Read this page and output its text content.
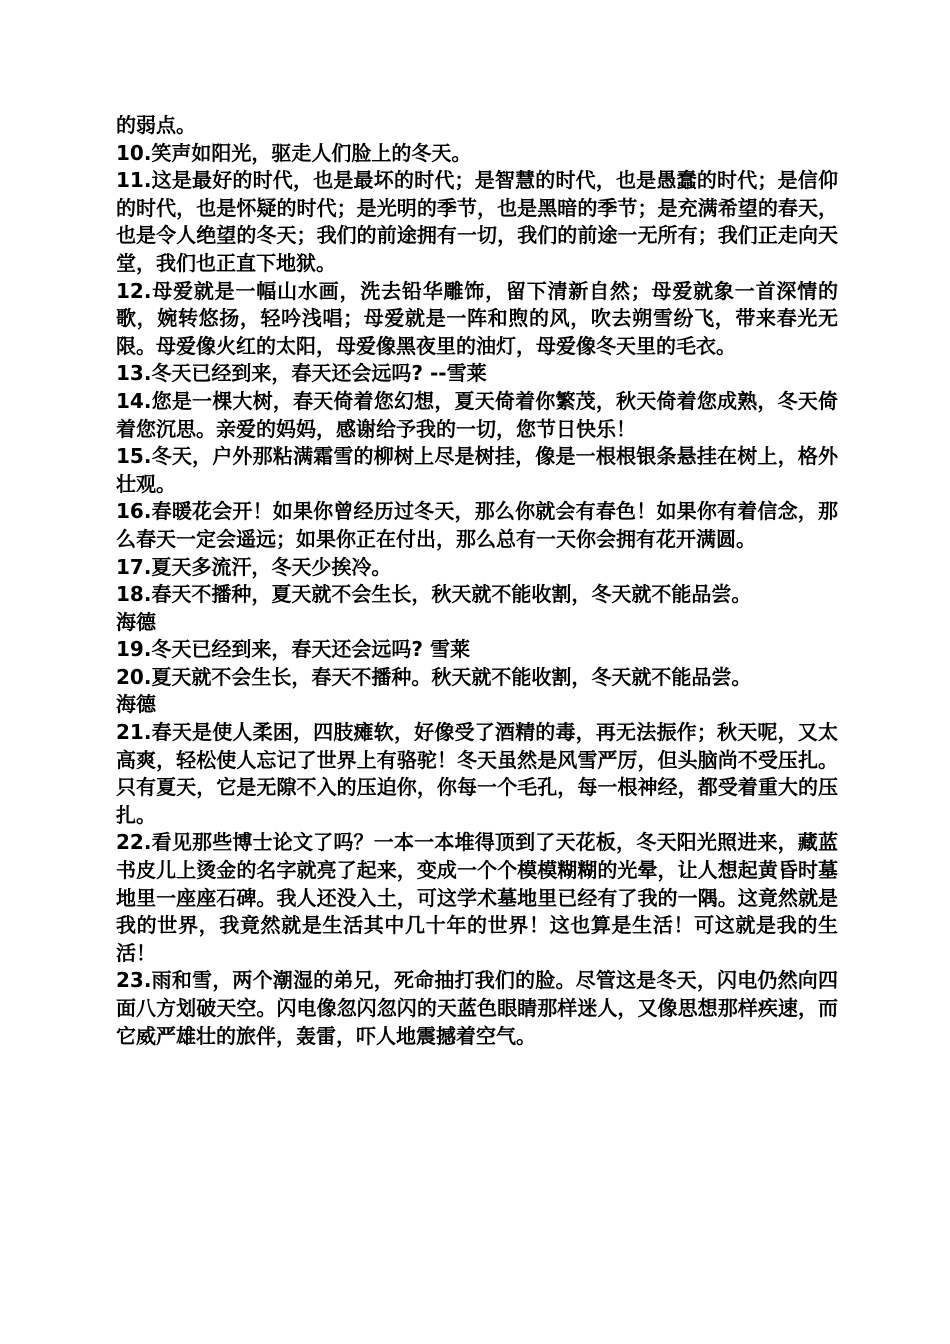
的弱点。

10.笑声如阳光，驱走人们脸上的冬天。

11.这是最好的时代，也是最坏的时代；是智慧的时代，也是愚蠢的时代；是信仰的时代，也是怀疑的时代；是光明的季节，也是黑暗的季节；是充满希望的春天，也是令人绝望的冬天；我们的前途拥有一切，我们的前途一无所有；我们正走向天堂，我们也正直下地狱。

12.母爱就是一幅山水画，洗去铅华雕饰，留下清新自然；母爱就象一首深情的歌，婉转悠扬，轻吟浅唱；母爱就是一阵和煦的风，吹去朔雪纷飞，带来春光无限。母爱像火红的太阳，母爱像黑夜里的油灯，母爱像冬天里的毛衣。

13.冬天已经到来，春天还会远吗? --雪莱

14.您是一棵大树，春天倚着您幻想，夏天倚着你繁茂，秋天倚着您成熟，冬天倚着您沉思。亲爱的妈妈，感谢给予我的一切，您节日快乐！

15.冬天，户外那粘满霜雪的柳树上尽是树挂，像是一根根银条悬挂在树上，格外壮观。

16.春暖花会开！如果你曾经历过冬天，那么你就会有春色！如果你有着信念，那么春天一定会遥远；如果你正在付出，那么总有一天你会拥有花开满圆。

17.夏天多流汗，冬天少挨冷。

18.春天不播种，夏天就不会生长，秋天就不能收割，冬天就不能品尝。

海德

19.冬天已经到来，春天还会远吗? 雪莱

20.夏天就不会生长，春天不播种。秋天就不能收割，冬天就不能品尝。

海德

21.春天是使人柔困，四肢瘫软，好像受了酒精的毒，再无法振作；秋天呢，又太高爽，轻松使人忘记了世界上有骆驼！冬天虽然是风雪严厉，但头脑尚不受压扎。只有夏天，它是无隙不入的压迫你，你每一个毛孔，每一根神经，都受着重大的压扎。

22.看见那些博士论文了吗？一本一本堆得顶到了天花板，冬天阳光照进来，藏蓝书皮儿上烫金的名字就亮了起来，变成一个个模模糊糊的光晕，让人想起黄昏时墓地里一座座石碑。我人还没入土，可这学术墓地里已经有了我的一隅。这竟然就是我的世界，我竟然就是生活其中几十年的世界！这也算是生活！可这就是我的生活！

23.雨和雪，两个潮湿的弟兄，死命抽打我们的脸。尽管这是冬天，闪电仍然向四面八方划破天空。闪电像忽闪忽闪的天蓝色眼睛那样迷人，又像思想那样疾速，而它威严雄壮的旅伴，轰雷，吓人地震撼着空气。
